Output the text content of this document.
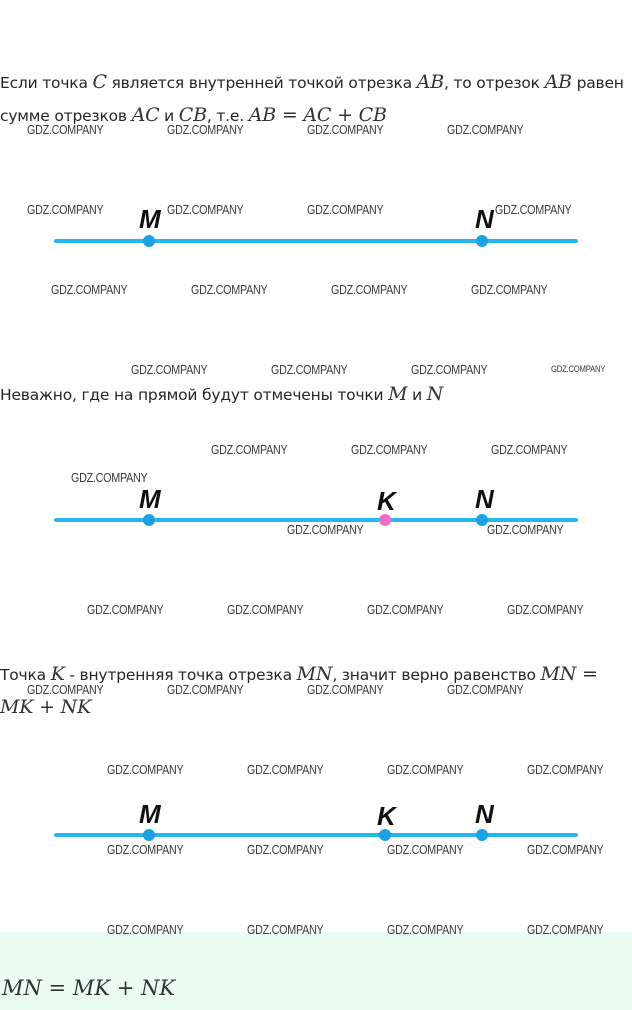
Если точка C является внутренней точкой отрезка AB, то отрезок AB равен сумме отрезков AC и CB, т.е. AB = AC + CB
M	N
Неважно, где на прямой будут отмечены точки M и N
M	K	N
Точка K - внутренняя точка отрезка MN, значит верно равенство MN = MK + NK
M	K	N
MN = MK + NK
GDZ.COMPANY	GDZ.COMPANY	GDZ.COMPANY	GDZ.COMPANY
GDZ.COMPANY	GDZ.COMPANY	GDZ.COMPANY	GDZ.COMPANY
GDZ.COMPANY	GDZ.COMPANY	GDZ.COMPANY	GDZ.COMPANY
GDZ.COMPANY	GDZ.COMPANY	GDZ.COMPANY	GDZ.COMPANY
GDZ.COMPANY	GDZ.COMPANY	GDZ.COMPANY
GDZ.COMPANY
GDZ.COMPANY	GDZ.COMPANY
GDZ.COMPANY	GDZ.COMPANY	GDZ.COMPANY	GDZ.COMPANY
GDZ.COMPANY	GDZ.COMPANY	GDZ.COMPANY	GDZ.COMPANY
GDZ.COMPANY	GDZ.COMPANY	GDZ.COMPANY	GDZ.COMPANY
GDZ.COMPANY	GDZ.COMPANY	GDZ.COMPANY	GDZ.COMPANY
GDZ.COMPANY	GDZ.COMPANY	GDZ.COMPANY	GDZ.COMPANY
